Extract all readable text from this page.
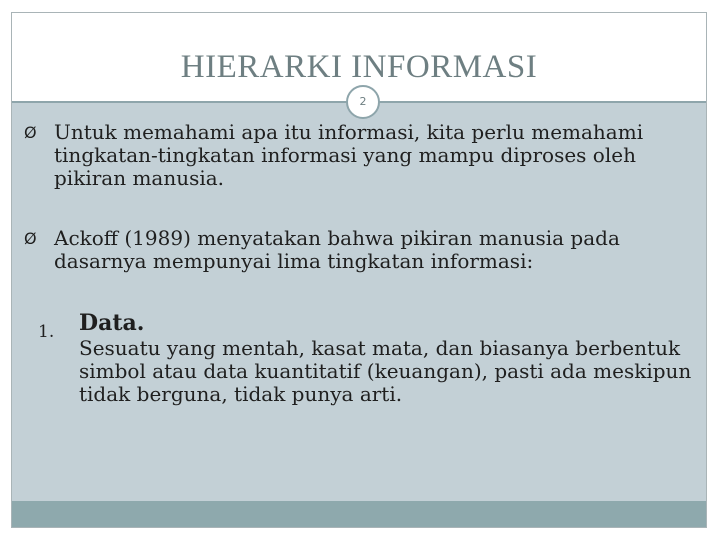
HIERARKI INFORMASI
2
Ø Untuk memahami apa itu informasi, kita perlu memahami tingkatan-tingkatan informasi yang mampu diproses oleh pikiran manusia.
Ø Ackoff (1989) menyatakan bahwa pikiran manusia pada dasarnya mempunyai lima tingkatan informasi:
1.	Data.
Sesuatu yang mentah, kasat mata, dan biasanya berbentuk simbol atau data kuantitatif (keuangan), pasti ada meskipun tidak berguna, tidak punya arti.
